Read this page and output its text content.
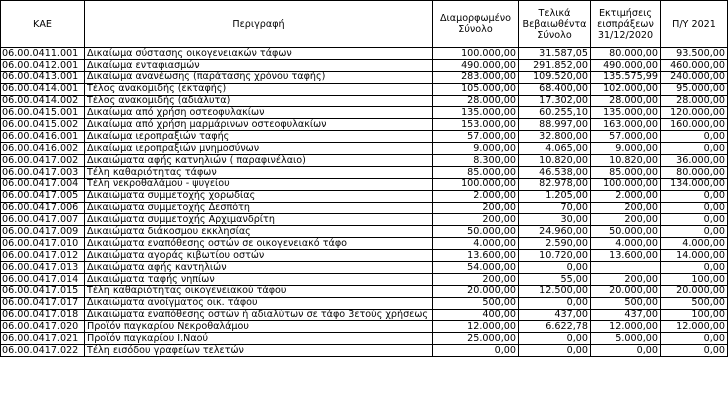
ΚΑΕ	Περιγραφή	Διαμορφωμένο Σύνολο	Τελικά Βεβαιωθέντα Σύνολο	Εκτιμήσεις εισπράξεων 31/12/2020	Π/Υ 2021
06.00.0411.001	Δικαίωμα σύστασης οικογενειακών τάφων	100.000,00	31.587,05	80.000,00	93.500,00
06.00.0412.001	Δικαίωμα ενταφιασμών	490.000,00	291.852,00	490.000,00	460.000,00
06.00.0413.001	Δικαίωμα ανανέωσης (παράτασης χρόνου ταφής)	283.000,00	109.520,00	135.575,99	240.000,00
06.00.0414.001	Τέλος ανακομιδής (εκταφής)	105.000,00	68.400,00	102.000,00	95.000,00
06.00.0414.002	Τέλος ανακομιδής (αδιάλυτα)	28.000,00	17.302,00	28.000,00	28.000,00
06.00.0415.001	Δικαίωμα από χρήση οστεοφυλακίων	135.000,00	60.255,10	135.000,00	120.000,00
06.00.0415.002	Δικαίωμα από χρήση μαρμάρινων οστεοφυλακίων	153.000,00	88.997,00	163.000,00	160.000,00
06.00.0416.001	Δικαίωμα ιεροπραξιών ταφής	57.000,00	32.800,00	57.000,00	0,00
06.00.0416.002	Δικαίωμα ιεροπραξιών μνημοσύνων	9.000,00	4.065,00	9.000,00	0,00
06.00.0417.002	Δικαιώματα αφής κατνηλιών ( παραφινέλαιο)	8.300,00	10.820,00	10.820,00	36.000,00
06.00.0417.003	Τέλη καθαριότητας τάφων	85.000,00	46.538,00	85.000,00	80.000,00
06.00.0417.004	Τέλη νεκροθαλάμου - ψυγείου	100.000,00	82.978,00	100.000,00	134.000,00
06.00.0417.005	Δικαιώματα συμμετοχής χορωδίας	2.000,00	1.205,00	2.000,00	0,00
06.00.0417.006	Δικαιώματα συμμετοχής Δεσπότη	200,00	70,00	200,00	0,00
06.00.0417.007	Δικαιώματα συμμετοχής Αρχιμανδρίτη	200,00	30,00	200,00	0,00
06.00.0417.009	Δικαιώματα διάκοσμου εκκλησίας	50.000,00	24.960,00	50.000,00	0,00
06.00.0417.010	Δικαιώματα εναπόθεσης οστών σε οικογενειακό τάφο	4.000,00	2.590,00	4.000,00	4.000,00
06.00.0417.012	Δικαιώματα αγοράς κιβωτίου οστών	13.600,00	10.720,00	13.600,00	14.000,00
06.00.0417.013	Δικαιώματα αφής καντηλιών	54.000,00	0,00		0,00
06.00.0417.014	Δικαιώματα ταφής νηπίων	200,00	55,00	200,00	100,00
06.00.0417.015	Τέλη καθαριότητας οικογενειακού τάφου	20.000,00	12.500,00	20.000,00	20.000,00
06.00.0417.017	Δικαιώματα ανοίγματος οικ. τάφου	500,00	0,00	500,00	500,00
06.00.0417.018	Δικαιώματα εναπόθεσης οστών ή αδιαλύτων σε τάφο 3ετούς χρήσεως	400,00	437,00	437,00	100,00
06.00.0417.020	Προϊόν παγκαρίου Νεκροθαλάμου	12.000,00	6.622,78	12.000,00	12.000,00
06.00.0417.021	Προϊόν παγκαρίου Ι.Ναού	25.000,00	0,00	5.000,00	0,00
06.00.0417.022	Τέλη εισόδου γραφείων τελετών	0,00	0,00	0,00	0,00
